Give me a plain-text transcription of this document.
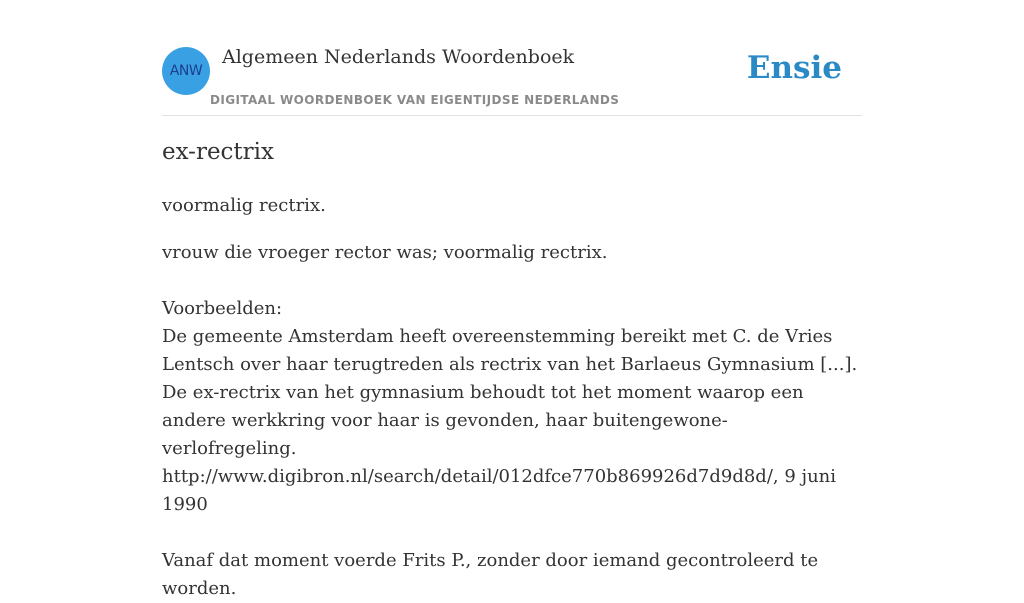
ANW
Algemeen Nederlands Woordenboek
DIGITAAL WOORDENBOEK VAN EIGENTIJDSE NEDERLANDS
Ensie
ex-rectrix
voormalig rectrix.
vrouw die vroeger rector was; voormalig rectrix.

Voorbeelden:
De gemeente Amsterdam heeft overeenstemming bereikt met C. de Vries Lentsch over haar terugtreden als rectrix van het Barlaeus Gymnasium [...]. De ex-rectrix van het gymnasium behoudt tot het moment waarop een andere werkkring voor haar is gevonden, haar buitengewone-verlofregeling.
http://www.digibron.nl/search/detail/012dfce770b869926d7d9d8d/, 9 juni 1990

Vanaf dat moment voerde Frits P., zonder door iemand gecontroleerd te worden.
